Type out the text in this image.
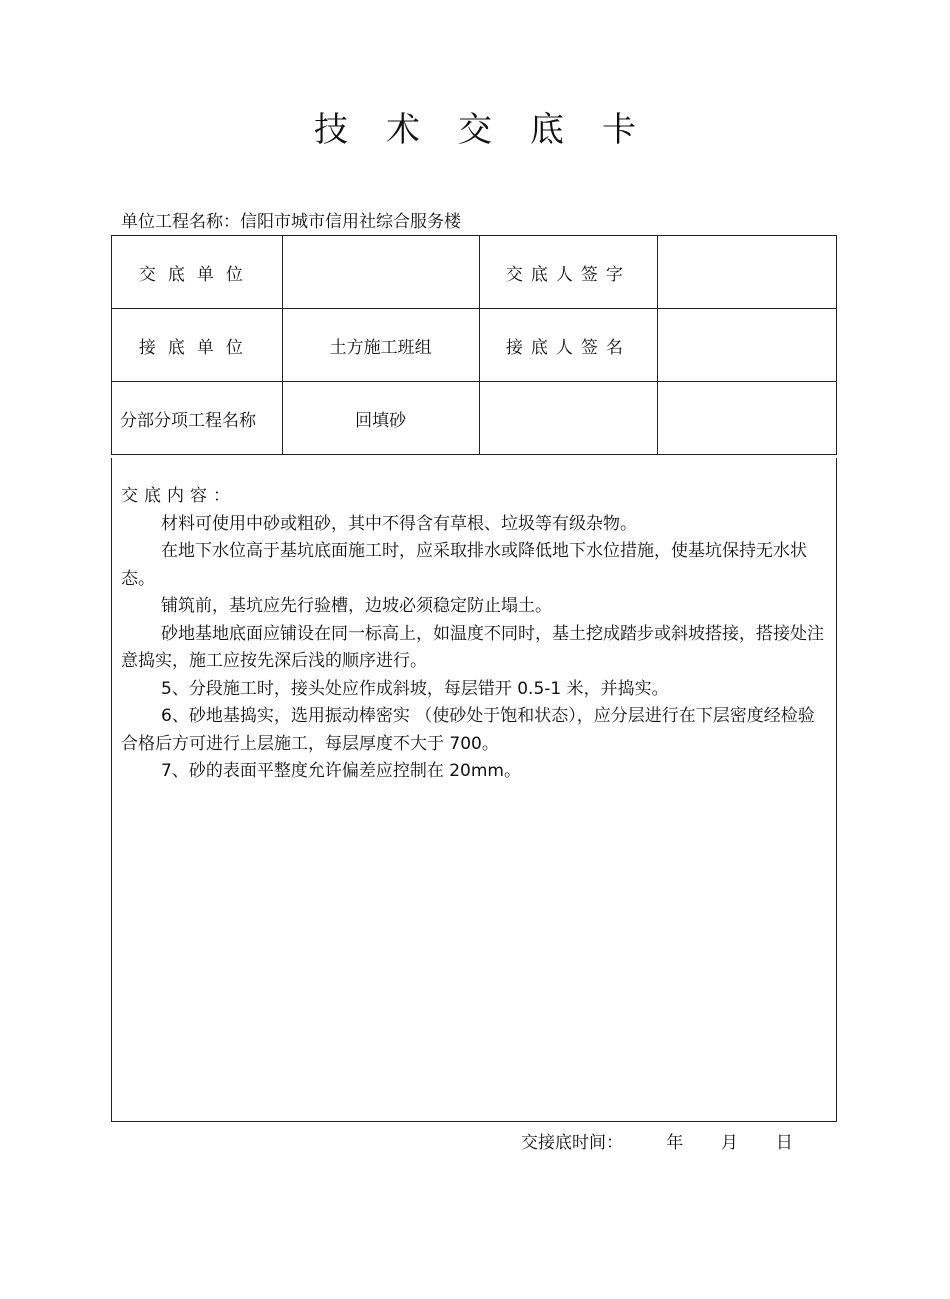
技术交底卡
单位工程名称：信阳市城市信用社综合服务楼
交底单位		交底人签字	
接底单位	土方施工班组	接底人签名	
分部分项工程名称	回填砂		

交底内容：

材料可使用中砂或粗砂，其中不得含有草根、垃圾等有级杂物。

在地下水位高于基坑底面施工时，应采取排水或降低地下水位措施，使基坑保持无水状态。

铺筑前，基坑应先行验槽，边坡必须稳定防止塌土。

砂地基地底面应铺设在同一标高上，如温度不同时，基土挖成踏步或斜坡搭接，搭接处注意捣实，施工应按先深后浅的顺序进行。

5、分段施工时，接头处应作成斜坡，每层错开 0.5-1 米，并捣实。

6、砂地基捣实，选用振动棒密实 （使砂处于饱和状态），应分层进行在下层密度经检验合格后方可进行上层施工，每层厚度不大于 700。

7、砂的表面平整度允许偏差应控制在 20mm。

交接底时间：        年       月       日
